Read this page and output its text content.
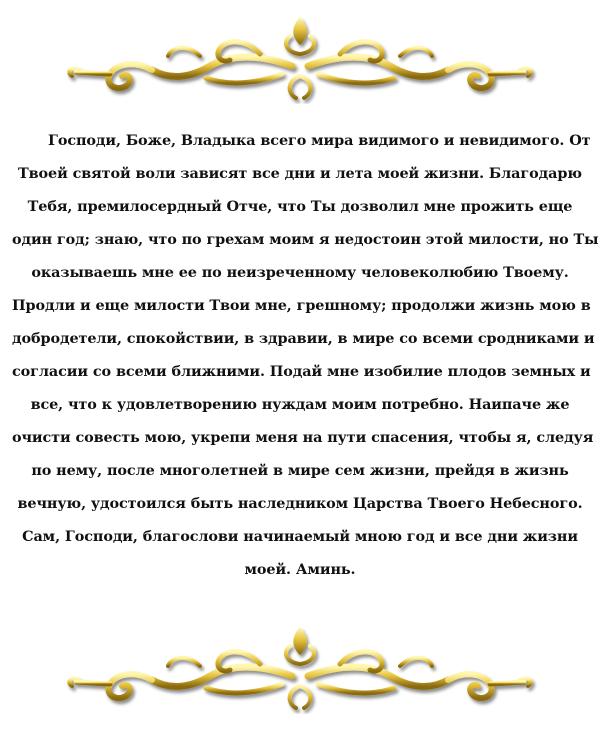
Господи, Боже, Владыка всего мира видимого и невидимого. От
Твоей святой воли зависят все дни и лета моей жизни. Благодарю
Тебя, премилосердный Отче, что Ты дозволил мне прожить еще
один год; знаю, что по грехам моим я недостоин этой милости, но Ты
оказываешь мне ее по неизреченному человеколюбию Твоему.
Продли и еще милости Твои мне, грешному; продолжи жизнь мою в
добродетели, спокойствии, в здравии, в мире со всеми сродниками и
согласии со всеми ближними. Подай мне изобилие плодов земных и
все, что к удовлетворению нуждам моим потребно. Наипаче же
очисти совесть мою, укрепи меня на пути спасения, чтобы я, следуя
по нему, после многолетней в мире сем жизни, прейдя в жизнь
вечную, удостоился быть наследником Царства Твоего Небесного.
Сам, Господи, благослови начинаемый мною год и все дни жизни
моей. Аминь.
